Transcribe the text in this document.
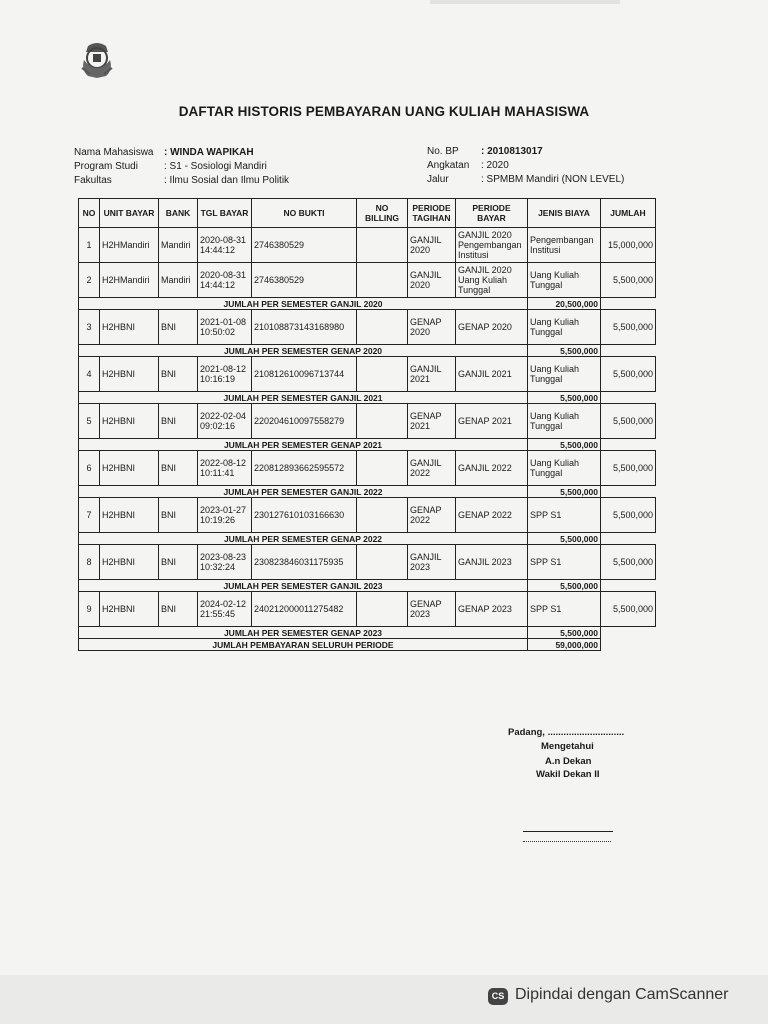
DAFTAR HISTORIS PEMBAYARAN UANG KULIAH MAHASISWA
Nama Mahasiswa : WINDA WAPIKAH
Program Studi	: S1 - Sosiologi Mandiri
Fakultas	: Ilmu Sosial dan Ilmu Politik
No. BP : 2010813017
Angkatan : 2020
Jalur	: SPMBM Mandiri (NON LEVEL)
NO	UNIT BAYAR	BANK	TGL BAYAR	NO BUKTI	NO BILLING	PERIODE TAGIHAN	PERIODE BAYAR	JENIS BIAYA	JUMLAH
1	H2HMandiri	Mandiri	2020-08-31 14:44:12	2746380529		GANJIL 2020	GANJIL 2020 Pengembangan Institusi	Pengembangan Institusi	15,000,000
2	H2HMandiri	Mandiri	2020-08-31 14:44:12	2746380529		GANJIL 2020	GANJIL 2020 Uang Kuliah Tunggal	Uang Kuliah Tunggal	5,500,000
JUMLAH PER SEMESTER GANJIL 2020								20,500,000	
3	H2HBNI	BNI	2021-01-08 10:50:02	210108873143168980		GENAP 2020	GENAP 2020	Uang Kuliah Tunggal	5,500,000
JUMLAH PER SEMESTER GENAP 2020								5,500,000	
4	H2HBNI	BNI	2021-08-12 10:16:19	210812610096713744		GANJIL 2021	GANJIL 2021	Uang Kuliah Tunggal	5,500,000
JUMLAH PER SEMESTER GANJIL 2021								5,500,000	
5	H2HBNI	BNI	2022-02-04 09:02:16	220204610097558279		GENAP 2021	GENAP 2021	Uang Kuliah Tunggal	5,500,000
JUMLAH PER SEMESTER GENAP 2021								5,500,000	
6	H2HBNI	BNI	2022-08-12 10:11:41	220812893662595572		GANJIL 2022	GANJIL 2022	Uang Kuliah Tunggal	5,500,000
JUMLAH PER SEMESTER GANJIL 2022								5,500,000	
7	H2HBNI	BNI	2023-01-27 10:19:26	230127610103166630		GENAP 2022	GENAP 2022	SPP S1	5,500,000
JUMLAH PER SEMESTER GENAP 2022								5,500,000	
8	H2HBNI	BNI	2023-08-23 10:32:24	230823846031175935		GANJIL 2023	GANJIL 2023	SPP S1	5,500,000
JUMLAH PER SEMESTER GANJIL 2023								5,500,000	
9	H2HBNI	BNI	2024-02-12 21:55:45	240212000011275482		GENAP 2023	GENAP 2023	SPP S1	5,500,000
JUMLAH PER SEMESTER GENAP 2023								5,500,000	
JUMLAH PEMBAYARAN SELURUH PERIODE								59,000,000	
Padang, .............................
Mengetahui
A.n Dekan
Wakil Dekan II
CS Dipindai dengan CamScanner
